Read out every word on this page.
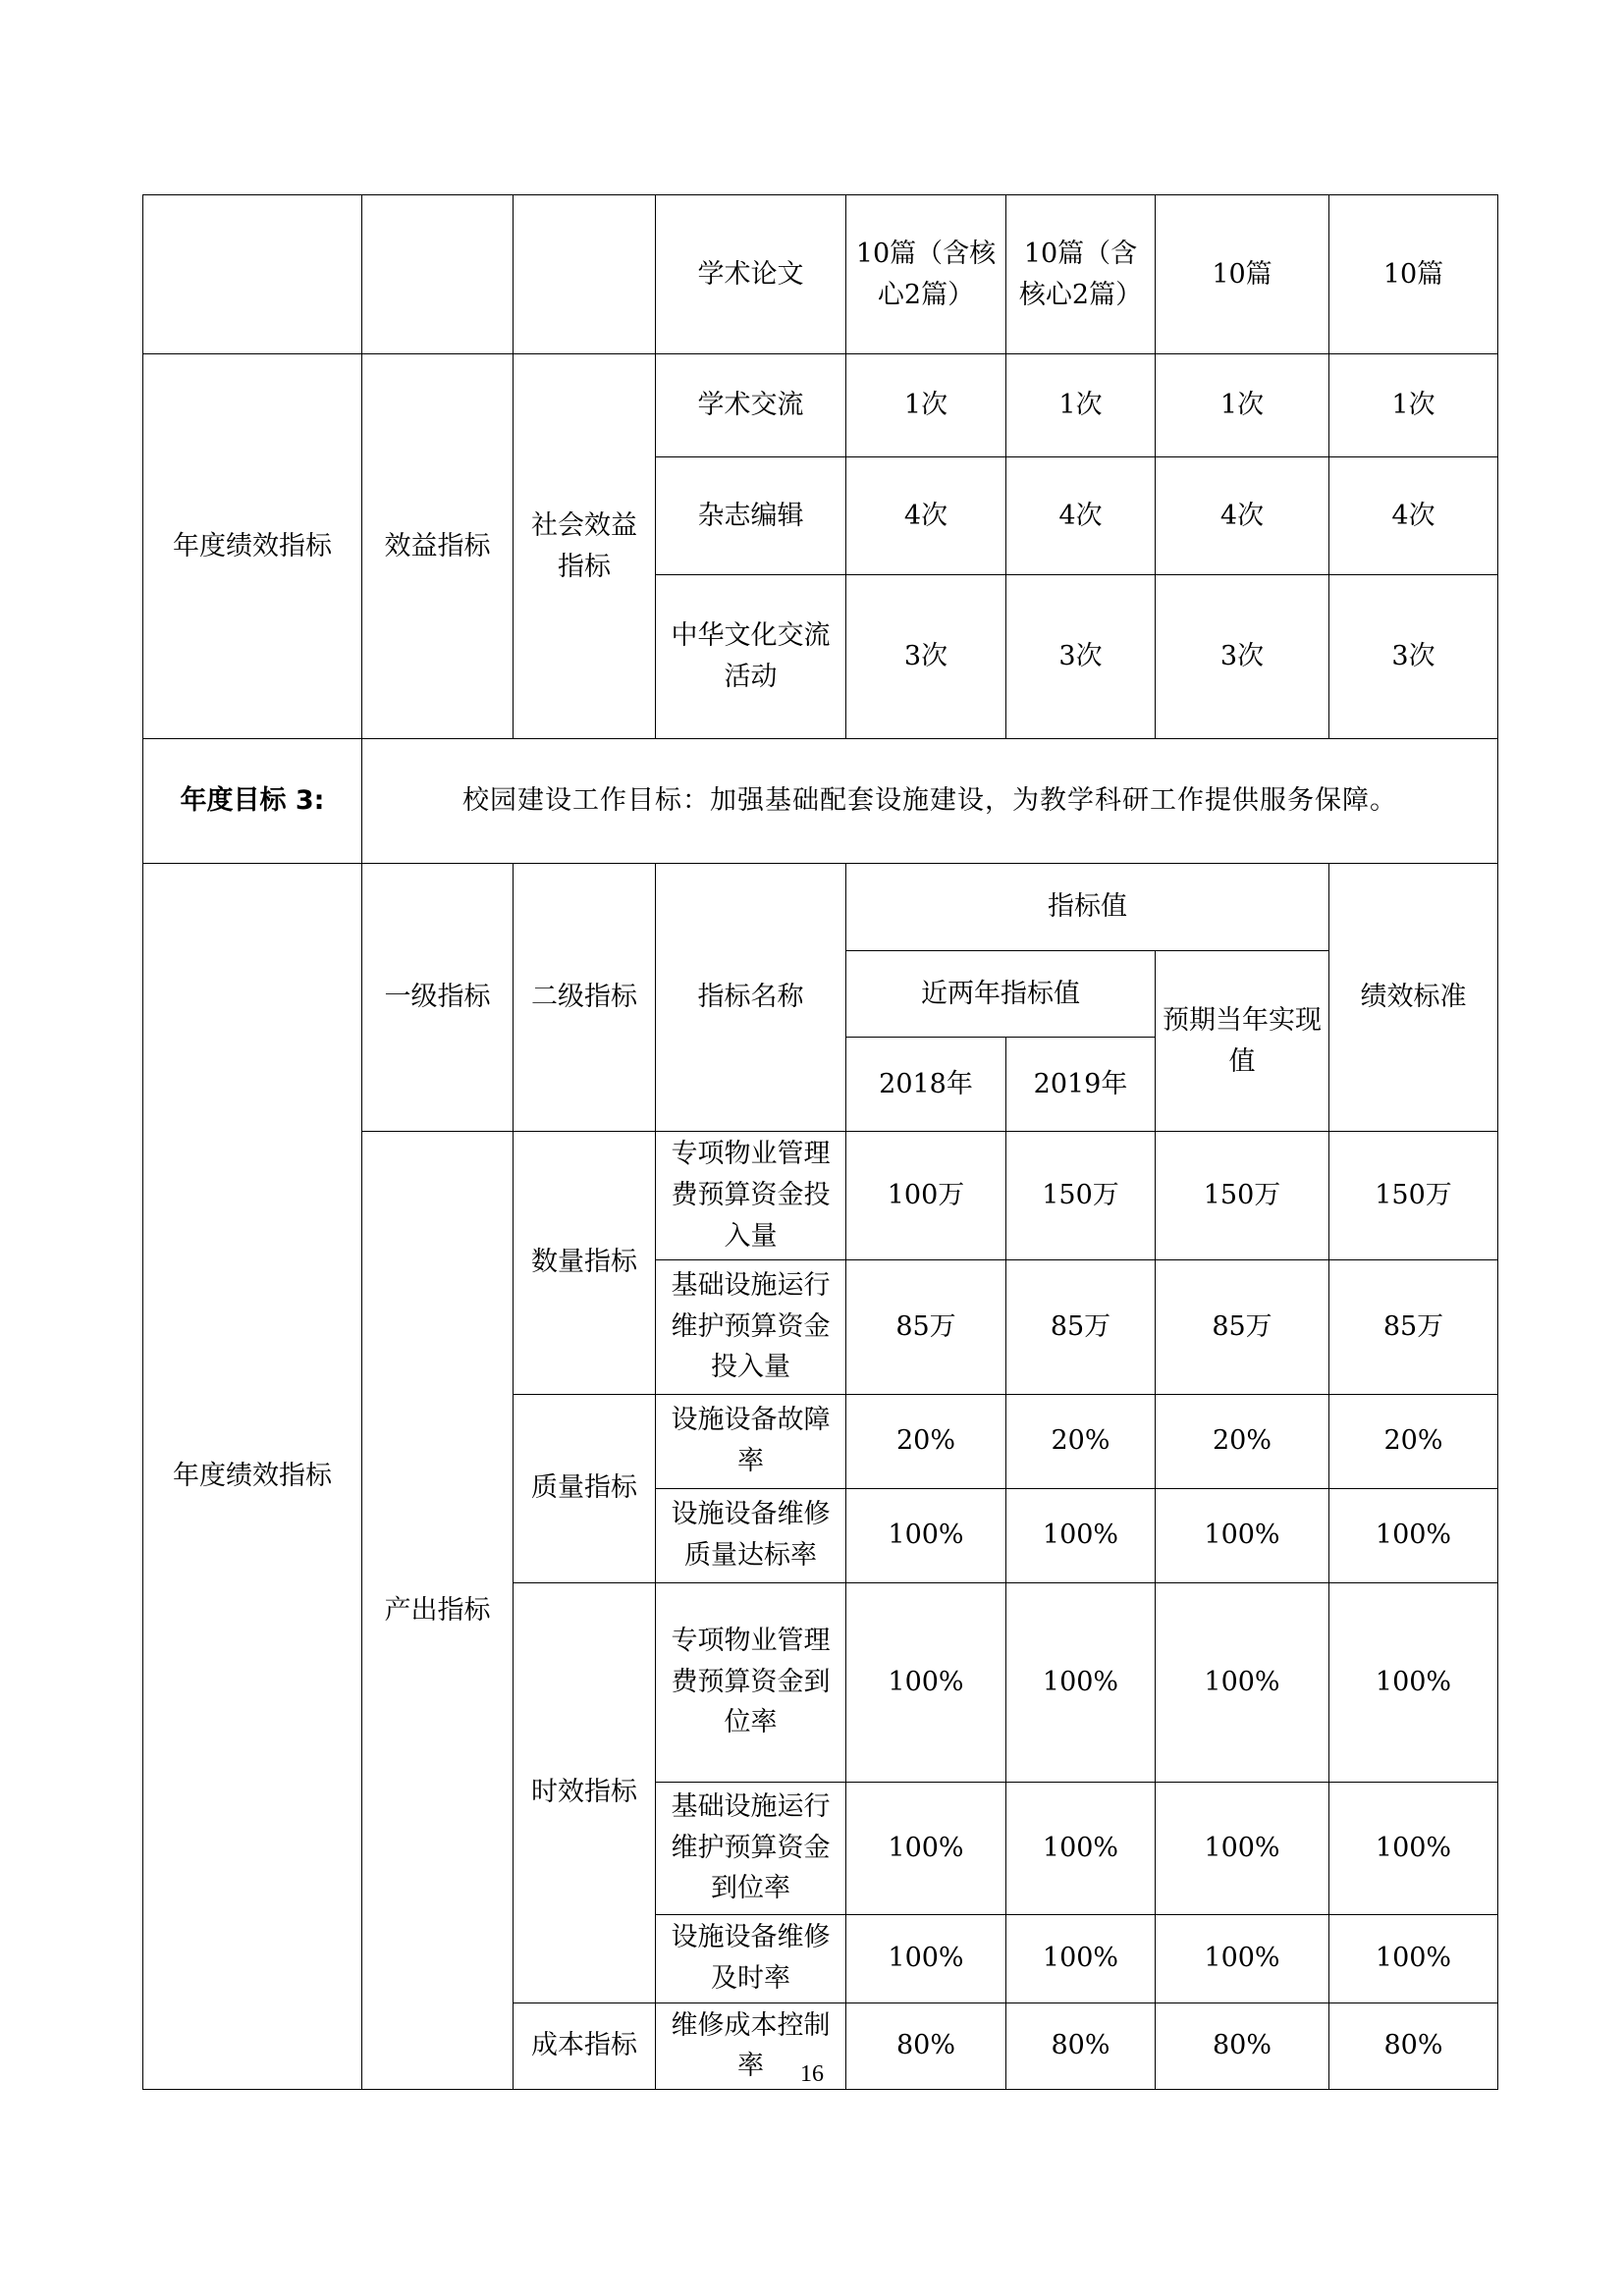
			学术论文	10篇（含核心2篇）	10篇（含核心2篇）	10篇	10篇
年度绩效指标	效益指标	社会效益指标	学术交流	1次	1次	1次	1次
			杂志编辑	4次	4次	4次	4次
			中华文化交流活动	3次	3次	3次	3次
年度目标 3:	校园建设工作目标：加强基础配套设施建设，为教学科研工作提供服务保障。						
年度绩效指标	一级指标	二级指标	指标名称	指标值			绩效标准
				近两年指标值		预期当年实现值	
				2018年	2019年		
	产出指标	数量指标	专项物业管理费预算资金投入量	100万	150万	150万	150万
			基础设施运行维护预算资金投入量	85万	85万	85万	85万
		质量指标	设施设备故障率	20%	20%	20%	20%
			设施设备维修质量达标率	100%	100%	100%	100%
		时效指标	专项物业管理费预算资金到位率	100%	100%	100%	100%
			基础设施运行维护预算资金到位率	100%	100%	100%	100%
			设施设备维修及时率	100%	100%	100%	100%
		成本指标	维修成本控制率	80%	80%	80%	80%
16
